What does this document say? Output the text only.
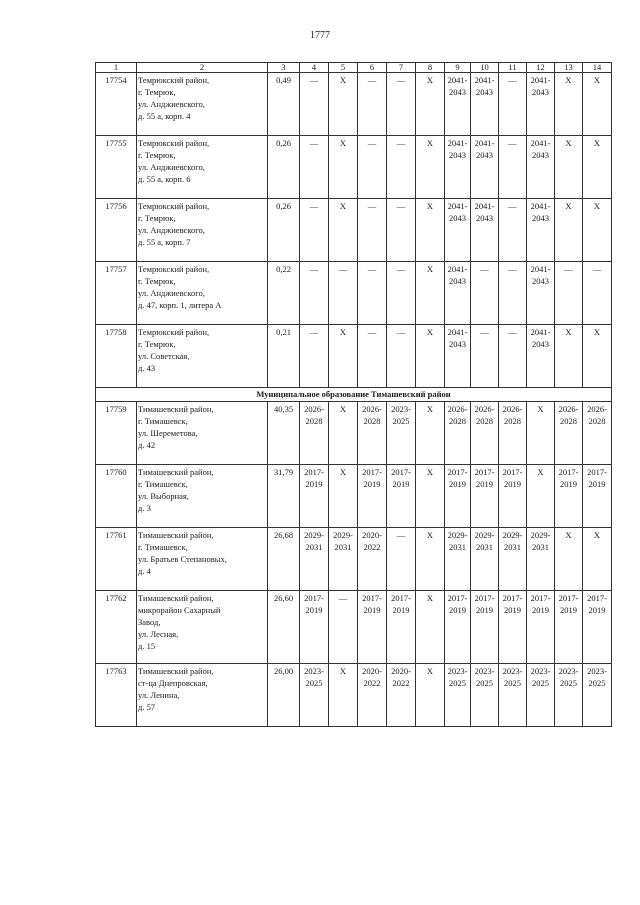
1777
1	2	3	4	5	6	7	8	9	10	11	12	13	14
17754	Темрюкский район,
г. Темрюк,
ул. Анджиевского,
д. 55 а, корп. 4	0,49	—	X	—	—	X	2041-2043	2041-2043	—	2041-2043	X	X
17755	Темрюкский район,
г. Темрюк,
ул. Анджиевского,
д. 55 а, корп. 6	0,26	—	X	—	—	X	2041-2043	2041-2043	—	2041-2043	X	X
17756	Темрюкский район,
г. Темрюк,
ул. Анджиевского,
д. 55 а, корп. 7	0,26	—	X	—	—	X	2041-2043	2041-2043	—	2041-2043	X	X
17757	Темрюкский район,
г. Темрюк,
ул. Анджиевского,
д. 47, корп. 1, литера А	0,22	—	—	—	—	X	2041-2043	—	—	2041-2043	—	—
17758	Темрюкский район,
г. Темрюк,
ул. Советская,
д. 43	0,21	—	X	—	—	X	2041-2043	—	—	2041-2043	X	X
Муниципальное образование Тимашевский район													
17759	Тимашевский район,
г. Тимашевск,
ул. Шереметова,
д. 42	40,35	2026-2028	X	2026-2028	2023-2025	X	2026-2028	2026-2028	2026-2028	X	2026-2028	2026-2028
17760	Тимашевский район,
г. Тимашевск,
ул. Выборная,
д. 3	31,79	2017-2019	X	2017-2019	2017-2019	X	2017-2019	2017-2019	2017-2019	X	2017-2019	2017-2019
17761	Тимашевский район,
г. Тимашевск,
ул. Братьев Степановых,
д. 4	26,68	2029-2031	2029-2031	2020-2022	—	X	2029-2031	2029-2031	2029-2031	2029-2031	X	X
17762	Тимашевский район,
микрорайон Сахарный
Завод,
ул. Лесная,
д. 15	26,60	2017-2019	—	2017-2019	2017-2019	X	2017-2019	2017-2019	2017-2019	2017-2019	2017-2019	2017-2019
17763	Тимашевский район,
ст-ца Днепровская,
ул. Ленина,
д. 57	26,00	2023-2025	X	2020-2022	2020-2022	X	2023-2025	2023-2025	2023-2025	2023-2025	2023-2025	2023-2025
